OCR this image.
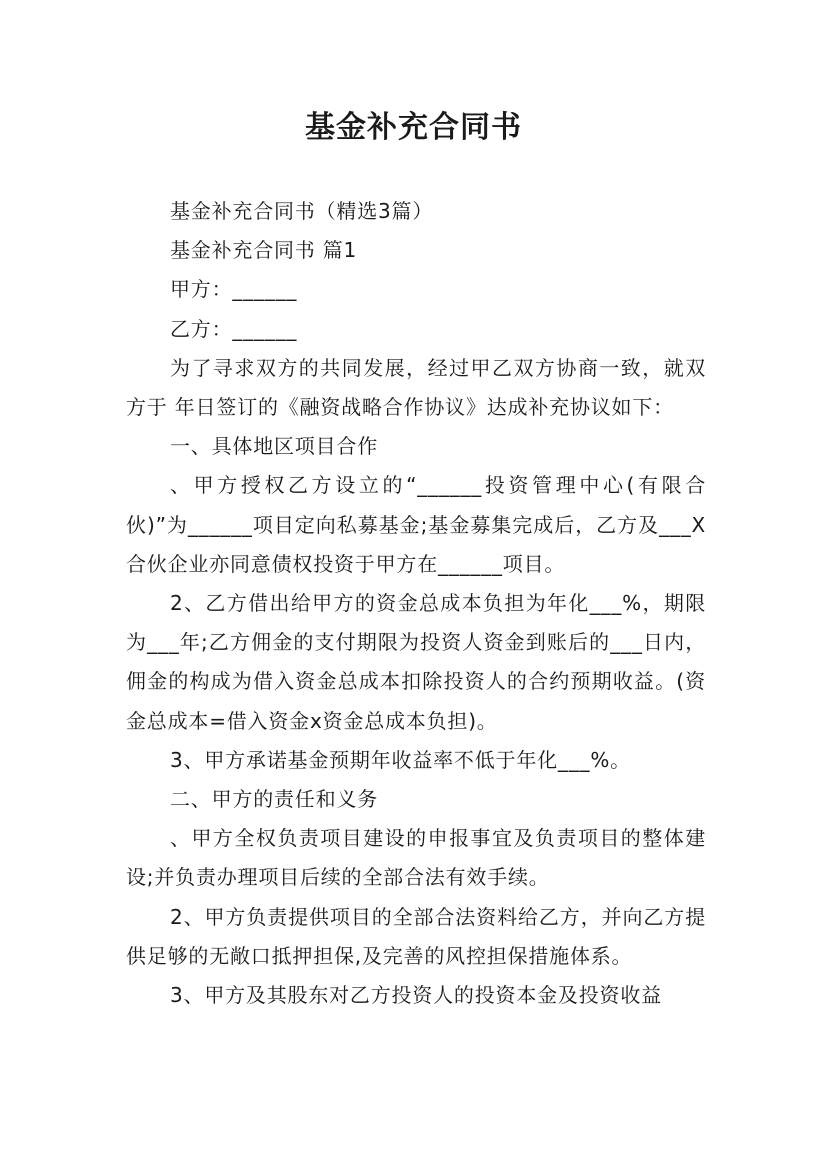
基金补充合同书

基金补充合同书（精选3篇）

基金补充合同书 篇1

甲方：______

乙方：______

为了寻求双方的共同发展，经过甲乙双方协商一致，就双方于 年日签订的《融资战略合作协议》达成补充协议如下：

一、具体地区项目合作

、甲方授权乙方设立的“______投资管理中心(有限合伙)”为______项目定向私募基金;基金募集完成后，乙方及___X合伙企业亦同意债权投资于甲方在______项目。

2、乙方借出给甲方的资金总成本负担为年化___%，期限为___年;乙方佣金的支付期限为投资人资金到账后的___日内，佣金的构成为借入资金总成本扣除投资人的合约预期收益。(资金总成本=借入资金x资金总成本负担)。

3、甲方承诺基金预期年收益率不低于年化___%。

二、甲方的责任和义务

、甲方全权负责项目建设的申报事宜及负责项目的整体建设;并负责办理项目后续的全部合法有效手续。

2、甲方负责提供项目的全部合法资料给乙方，并向乙方提供足够的无敞口抵押担保,及完善的风控担保措施体系。

3、甲方及其股东对乙方投资人的投资本金及投资收益
